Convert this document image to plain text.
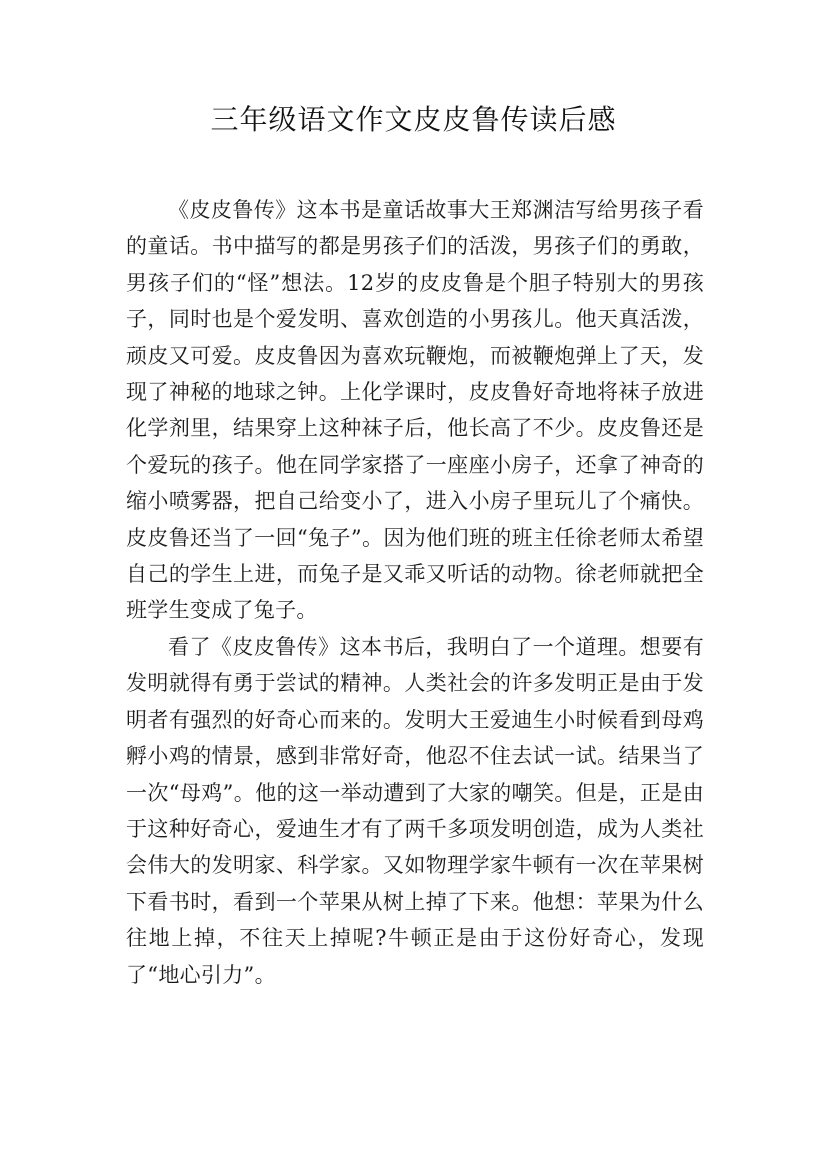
三年级语文作文皮皮鲁传读后感

《皮皮鲁传》这本书是童话故事大王郑渊洁写给男孩子看的童话。书中描写的都是男孩子们的活泼，男孩子们的勇敢，男孩子们的“怪”想法。12岁的皮皮鲁是个胆子特别大的男孩子，同时也是个爱发明、喜欢创造的小男孩儿。他天真活泼，顽皮又可爱。皮皮鲁因为喜欢玩鞭炮，而被鞭炮弹上了天，发现了神秘的地球之钟。上化学课时，皮皮鲁好奇地将袜子放进化学剂里，结果穿上这种袜子后，他长高了不少。皮皮鲁还是个爱玩的孩子。他在同学家搭了一座座小房子，还拿了神奇的缩小喷雾器，把自己给变小了，进入小房子里玩儿了个痛快。皮皮鲁还当了一回“兔子”。因为他们班的班主任徐老师太希望自己的学生上进，而兔子是又乖又听话的动物。徐老师就把全班学生变成了兔子。

看了《皮皮鲁传》这本书后，我明白了一个道理。想要有发明就得有勇于尝试的精神。人类社会的许多发明正是由于发明者有强烈的好奇心而来的。发明大王爱迪生小时候看到母鸡孵小鸡的情景，感到非常好奇，他忍不住去试一试。结果当了一次“母鸡”。他的这一举动遭到了大家的嘲笑。但是，正是由于这种好奇心，爱迪生才有了两千多项发明创造，成为人类社会伟大的发明家、科学家。又如物理学家牛顿有一次在苹果树下看书时，看到一个苹果从树上掉了下来。他想：苹果为什么往地上掉，不往天上掉呢?牛顿正是由于这份好奇心，发现了“地心引力”。
